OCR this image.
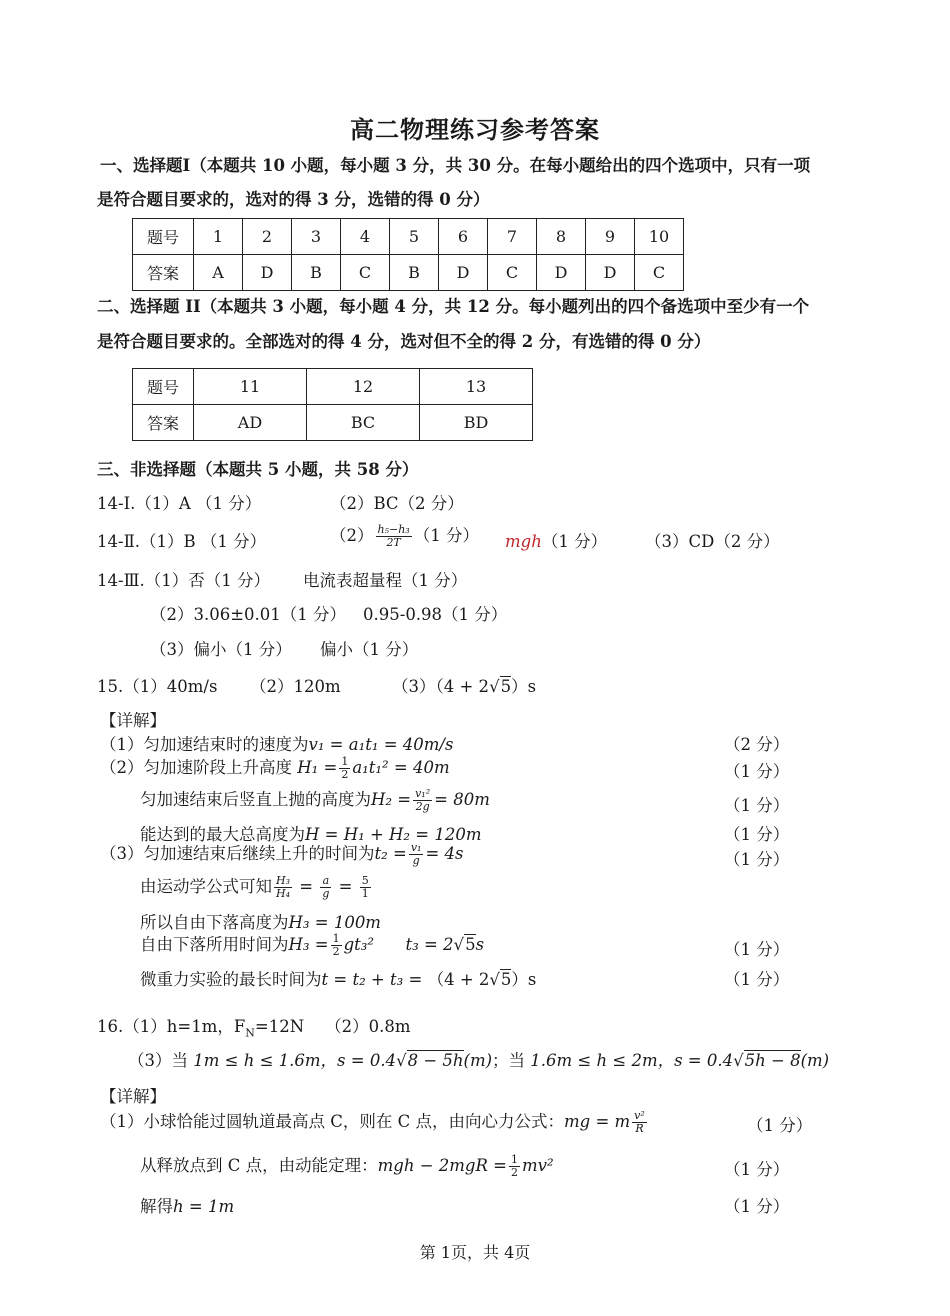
高二物理练习参考答案
一、选择题I（本题共 10 小题，每小题 3 分，共 30 分。在每小题给出的四个选项中，只有一项
是符合题目要求的，选对的得 3 分，选错的得 0 分）
题号	1	2	3	4	5	6	7	8	9	10
答案	A	D	B	C	B	D	C	D	D	C
二、选择题 II（本题共 3 小题，每小题 4 分，共 12 分。每小题列出的四个备选项中至少有一个
是符合题目要求的。全部选对的得 4 分，选对但不全的得 2 分，有选错的得 0 分）
题号	11	12	13
答案	AD	BC	BD
三、非选择题（本题共 5 小题，共 58 分）
14-Ⅰ.（1）A （1 分）	（2）BC（2 分）
14-Ⅱ.（1）B （1 分）	$(2) \frac{\text{h₅−h₃}}{2T} (1$ 分） mgh（1 分） （3）CD（2 分）
14-Ⅲ.（1）否（1 分） 电流表超量程（1 分）
（2）3.06±0.01（1 分） 0.95-0.98（1 分）
（3）偏小（1 分） 偏小（1 分）
15.（1）40m/s （2）120m	（3）（4 + 2√5）s
【详解】
（1）匀加速结束时的速度为v₁ = a₁t₁ = 40m/s	（2 分）
（2）匀加速阶段上升高度 $H_1 = \frac{1}{2} a_1t_1^2 = 40m$	（1 分）
匀加速结束后竖直上抛的高度为$H_2 = \frac{\text{v₁²}}{2g} = 80m$	（1 分）
能达到的最大总高度为H = H₁ + H₂ = 120m	（1 分）
（3）匀加速结束后继续上升的时间为$t_2 = \frac{\text{v₁}}{g} = 4s$	（1 分）
由运动学公式可知 $\frac{\text{H₃}}{\text{H₄}} = \frac{a}{g} = \frac{5}{1}$
所以自由下落高度为H₃ = 100m
自由下落所用时间为$H_3 = \frac{1}{2} gt_3^2$ t₃ = 2√5s	（1 分）
微重力实验的最长时间为t = t₂ + t₃ = （4 + 2√5）s	（1 分）
16.（1）h=1m，$F_N=12N$ （2）0.8m
（3）当 1m ≤ h ≤ 1.6m，s = 0.4√8 − 5h(m)；当 1.6m ≤ h ≤ 2m，s = 0.4√5h − 8(m)
【详解】
（1）小球恰能过圆轨道最高点 C，则在 C 点，由向心力公式：mg = m $\frac{\text{v²}}{R}$	（1 分）
从释放点到 C 点，由动能定理：mgh − $2mgR = \frac{1}{2} mv^2$	（1 分）
解得h = 1m	（1 分）
第 1页，共 4页
